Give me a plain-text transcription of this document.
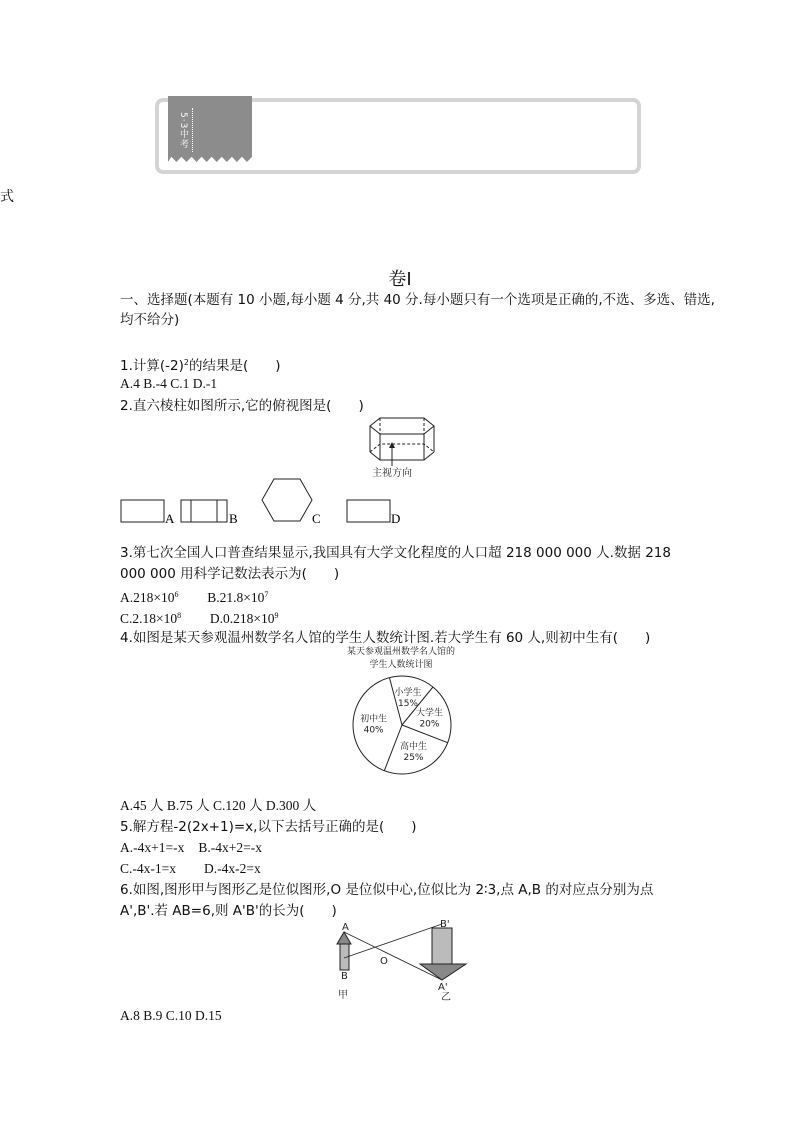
5·3中考
式
卷Ⅰ
一、选择题(本题有 10 小题,每小题 4 分,共 40 分.每小题只有一个选项是正确的,不选、多选、错选,
均不给分)
1.计算$(-2)^2$的结果是(　　)
A.4 B.-4 C.1 D.-1
2.直六棱柱如图所示,它的俯视图是(　　)
主视方向
A	B	C	D
3.第七次全国人口普查结果显示,我国具有大学文化程度的人口超 218 000 000 人.数据 218
000 000 用科学记数法表示为(　　)
$A.218\times 10^6$ $B.21.8\times 10^7$
$C.2.18\times 10^8$ $D.0.218\times 10^9$
4.如图是某天参观温州数学名人馆的学生人数统计图.若大学生有 60 人,则初中生有(　　)
某天参观温州数学名人馆的
学生人数统计图
小学生
15%
大学生
20%
高中生
25%
初中生
40%
A.45 人 B.75 人 C.120 人 D.300 人
5.解方程-2(2x+1)=x,以下去括号正确的是(　　)
A.-4x+1=-x B.-4x+2=-x
C.-4x-1=x D.-4x-2=x
6.如图,图形甲与图形乙是位似图形,O 是位似中心,位似比为 2∶3,点 A,B 的对应点分别为点
A',B'.若 AB=6,则 A'B'的长为(　　)
A
B
O
A'
B'
甲	乙
A.8 B.9 C.10 D.15
